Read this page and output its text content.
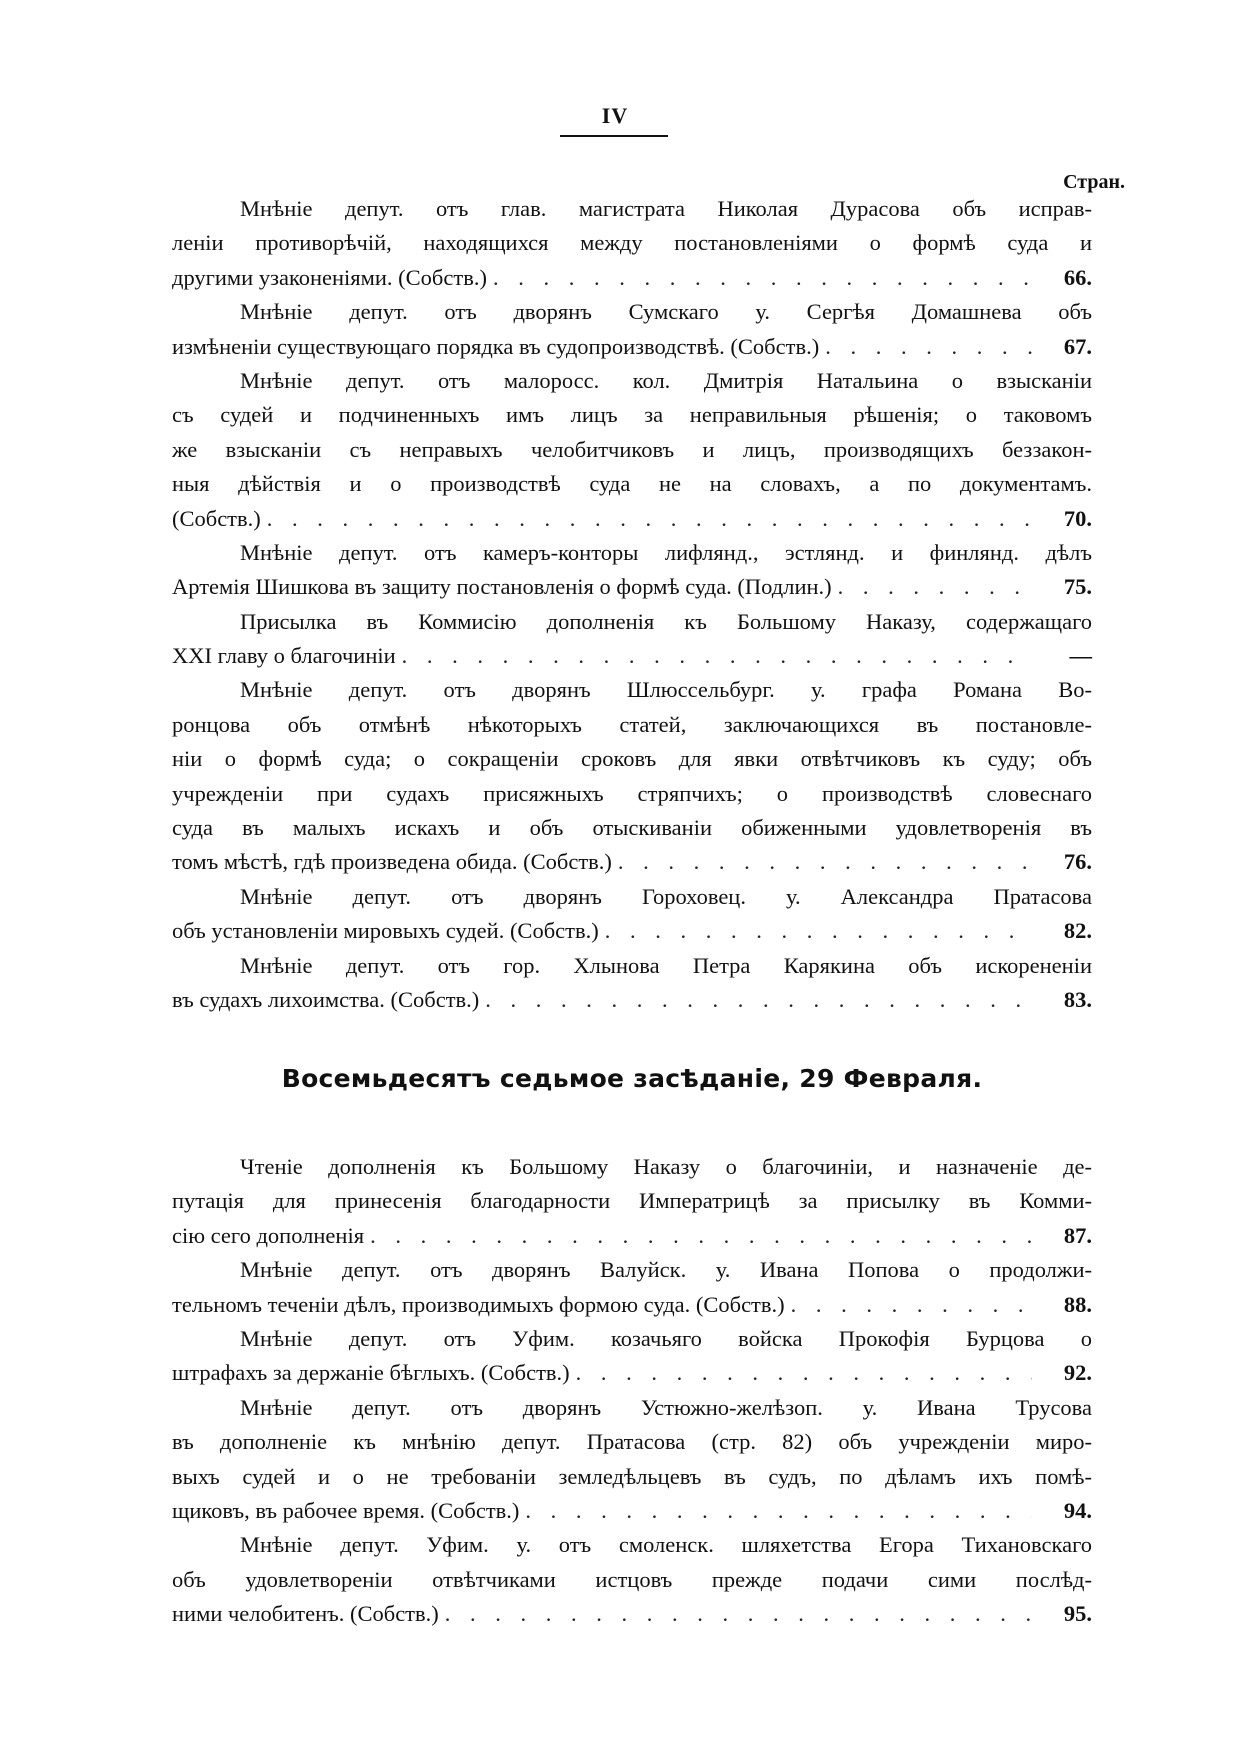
IV
Стран.
Мнѣніе депут. отъ глав. магистрата Николая Дурасова объ исправ-
леніи противорѣчій, находящихся между постановленіями о формѣ суда и
другими узаконеніями. (Собств.) . . .	66.
Мнѣніе депут. отъ дворянъ Сумскаго у. Сергѣя Домашнева объ
измѣненіи существующаго порядка въ судопроизводствѣ. (Собств.) . . .	67.
Мнѣніе депут. отъ малоросс. кол. Дмитрія Натальина о взысканіи
съ судей и подчиненныхъ имъ лицъ за неправильныя рѣшенія; о таковомъ
же взысканіи съ неправыхъ челобитчиковъ и лицъ, производящихъ беззакон-
ныя дѣйствія и о производствѣ суда не на словахъ, а по документамъ.
(Собств.) . . .	70.
Мнѣніе депут. отъ камеръ-конторы лифлянд., эстлянд. и финлянд. дѣлъ
Артемія Шишкова въ защиту постановленія о формѣ суда. (Подлин.) . . .	75.
Присылка въ Коммисію дополненія къ Большому Наказу, содержащаго
XXI главу о благочиніи . . .	—
Мнѣніе депут. отъ дворянъ Шлюссельбург. у. графа Романа Во-
ронцова объ отмѣнѣ нѣкоторыхъ статей, заключающихся въ постановле-
ніи о формѣ суда; о сокращеніи сроковъ для явки отвѣтчиковъ къ суду; объ
учрежденіи при судахъ присяжныхъ стряпчихъ; о производствѣ словеснаго
суда въ малыхъ искахъ и объ отыскиваніи обиженными удовлетворенія въ
томъ мѣстѣ, гдѣ произведена обида. (Собств.) . . .	76.
Мнѣніе депут. отъ дворянъ Гороховец. у. Александра Пратасова
объ установленіи мировыхъ судей. (Собств.) . . .	82.
Мнѣніе депут. отъ гор. Хлынова Петра Карякина объ искорененіи
въ судахъ лихоимства. (Собств.) . . .	83.
Восемьдесятъ седьмое засѣданіе, 29 Февраля.
Чтеніе дополненія къ Большому Наказу о благочиніи, и назначеніе де-
путація для принесенія благодарности Императрицѣ за присылку въ Комми-
сію сего дополненія . . .	87.
Мнѣніе депут. отъ дворянъ Валуйск. у. Ивана Попова о продолжи-
тельномъ теченіи дѣлъ, производимыхъ формою суда. (Собств.) . . .	88.
Мнѣніе депут. отъ Уфим. козачьяго войска Прокофія Бурцова о
штрафахъ за держаніе бѣглыхъ. (Собств.) . . .	92.
Мнѣніе депут. отъ дворянъ Устюжно-желѣзоп. у. Ивана Трусова
въ дополненіе къ мнѣнію депут. Пратасова (стр. 82) объ учрежденіи миро-
выхъ судей и о не требованіи земледѣльцевъ въ судъ, по дѣламъ ихъ помѣ-
щиковъ, въ рабочее время. (Собств.) . . .	94.
Мнѣніе депут. Уфим. у. отъ смоленск. шляхетства Егора Тихановскаго
объ удовлетвореніи отвѣтчиками истцовъ прежде подачи сими послѣд-
ними челобитенъ. (Собств.) . . .	95.
